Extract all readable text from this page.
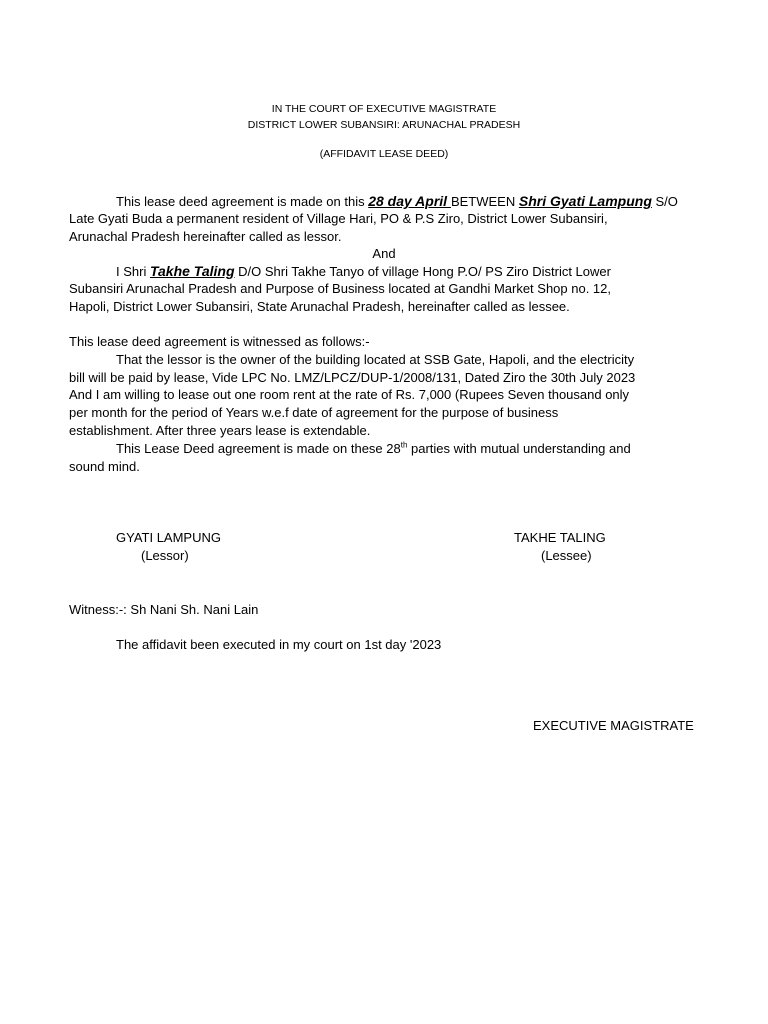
IN THE COURT OF EXECUTIVE MAGISTRATE
DISTRICT LOWER SUBANSIRI: ARUNACHAL PRADESH
(AFFIDAVIT LEASE DEED)
This lease deed agreement is made on this 28 day April BETWEEN Shri Gyati Lampung S/O
Late Gyati Buda a permanent resident of Village Hari, PO & P.S Ziro, District Lower Subansiri,
Arunachal Pradesh hereinafter called as lessor.
And
I Shri Takhe Taling D/O Shri Takhe Tanyo of village Hong P.O/ PS Ziro District Lower
Subansiri Arunachal Pradesh and Purpose of Business located at Gandhi Market Shop no. 12,
Hapoli, District Lower Subansiri, State Arunachal Pradesh, hereinafter called as lessee.
This lease deed agreement is witnessed as follows:-
That the lessor is the owner of the building located at SSB Gate, Hapoli, and the electricity
bill will be paid by lease, Vide LPC No. LMZ/LPCZ/DUP-1/2008/131, Dated Ziro the 30th July 2023
And I am willing to lease out one room rent at the rate of Rs. 7,000 (Rupees Seven thousand only
per month for the period of Years w.e.f date of agreement for the purpose of business
establishment. After three years lease is extendable.
This Lease Deed agreement is made on these 28th parties with mutual understanding and
sound mind.
GYATI LAMPUNG
(Lessor)
TAKHE TALING
(Lessee)
Witness:-: Sh Nani Sh. Nani Lain
The affidavit been executed in my court on 1st day '2023
EXECUTIVE MAGISTRATE
